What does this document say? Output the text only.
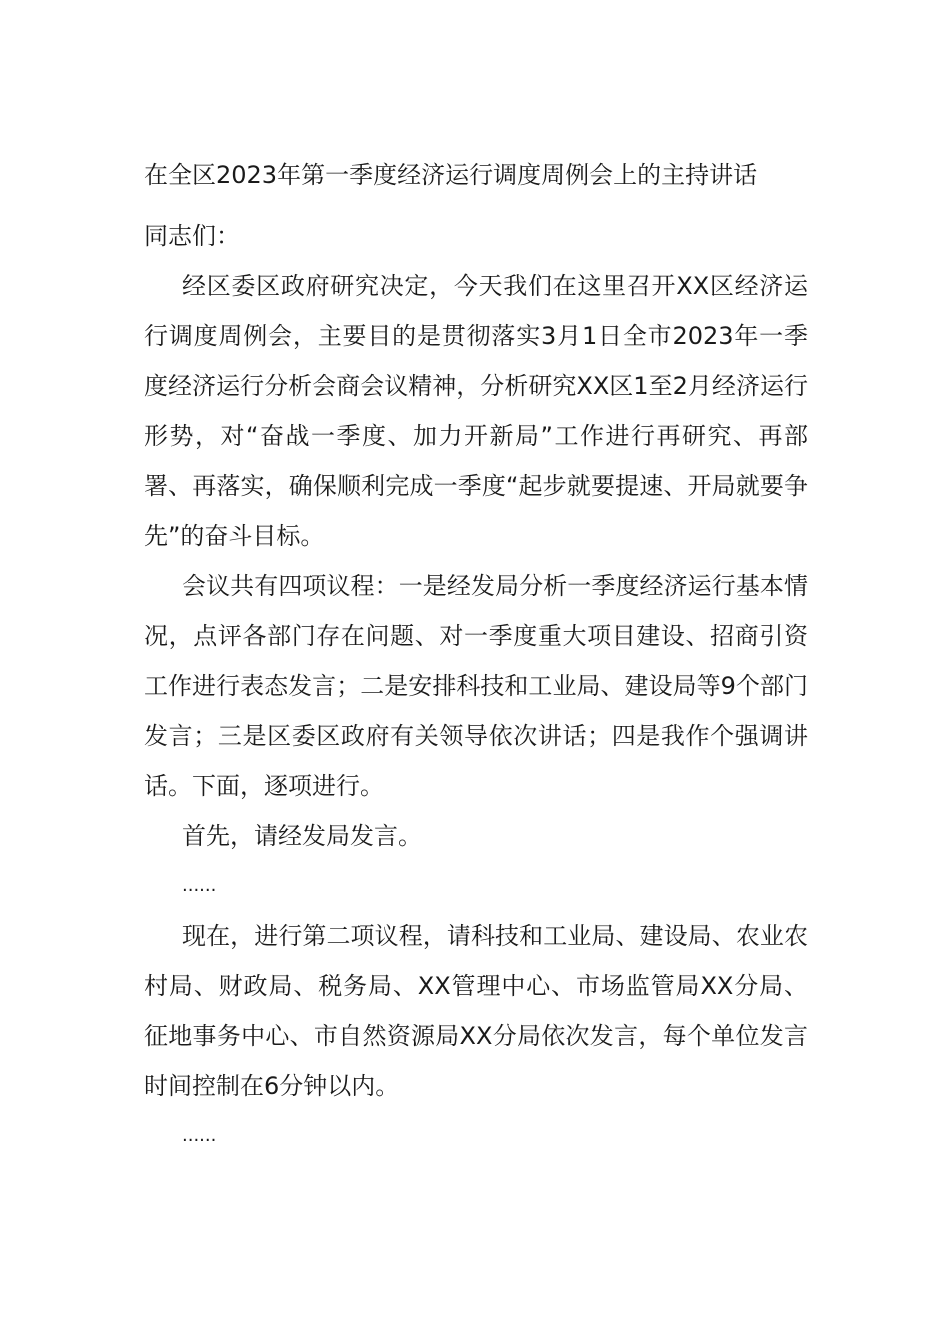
在全区2023年第一季度经济运行调度周例会上的主持讲话

同志们：

经区委区政府研究决定，今天我们在这里召开XX区经济运行调度周例会，主要目的是贯彻落实3月1日全市2023年一季度经济运行分析会商会议精神，分析研究XX区1至2月经济运行形势，对“奋战一季度、加力开新局”工作进行再研究、再部署、再落实，确保顺利完成一季度“起步就要提速、开局就要争先”的奋斗目标。

会议共有四项议程：一是经发局分析一季度经济运行基本情况，点评各部门存在问题、对一季度重大项目建设、招商引资工作进行表态发言；二是安排科技和工业局、建设局等9个部门发言；三是区委区政府有关领导依次讲话；四是我作个强调讲话。下面，逐项进行。

首先，请经发局发言。

......

现在，进行第二项议程，请科技和工业局、建设局、农业农村局、财政局、税务局、XX管理中心、市场监管局XX分局、征地事务中心、市自然资源局XX分局依次发言，每个单位发言时间控制在6分钟以内。

......
